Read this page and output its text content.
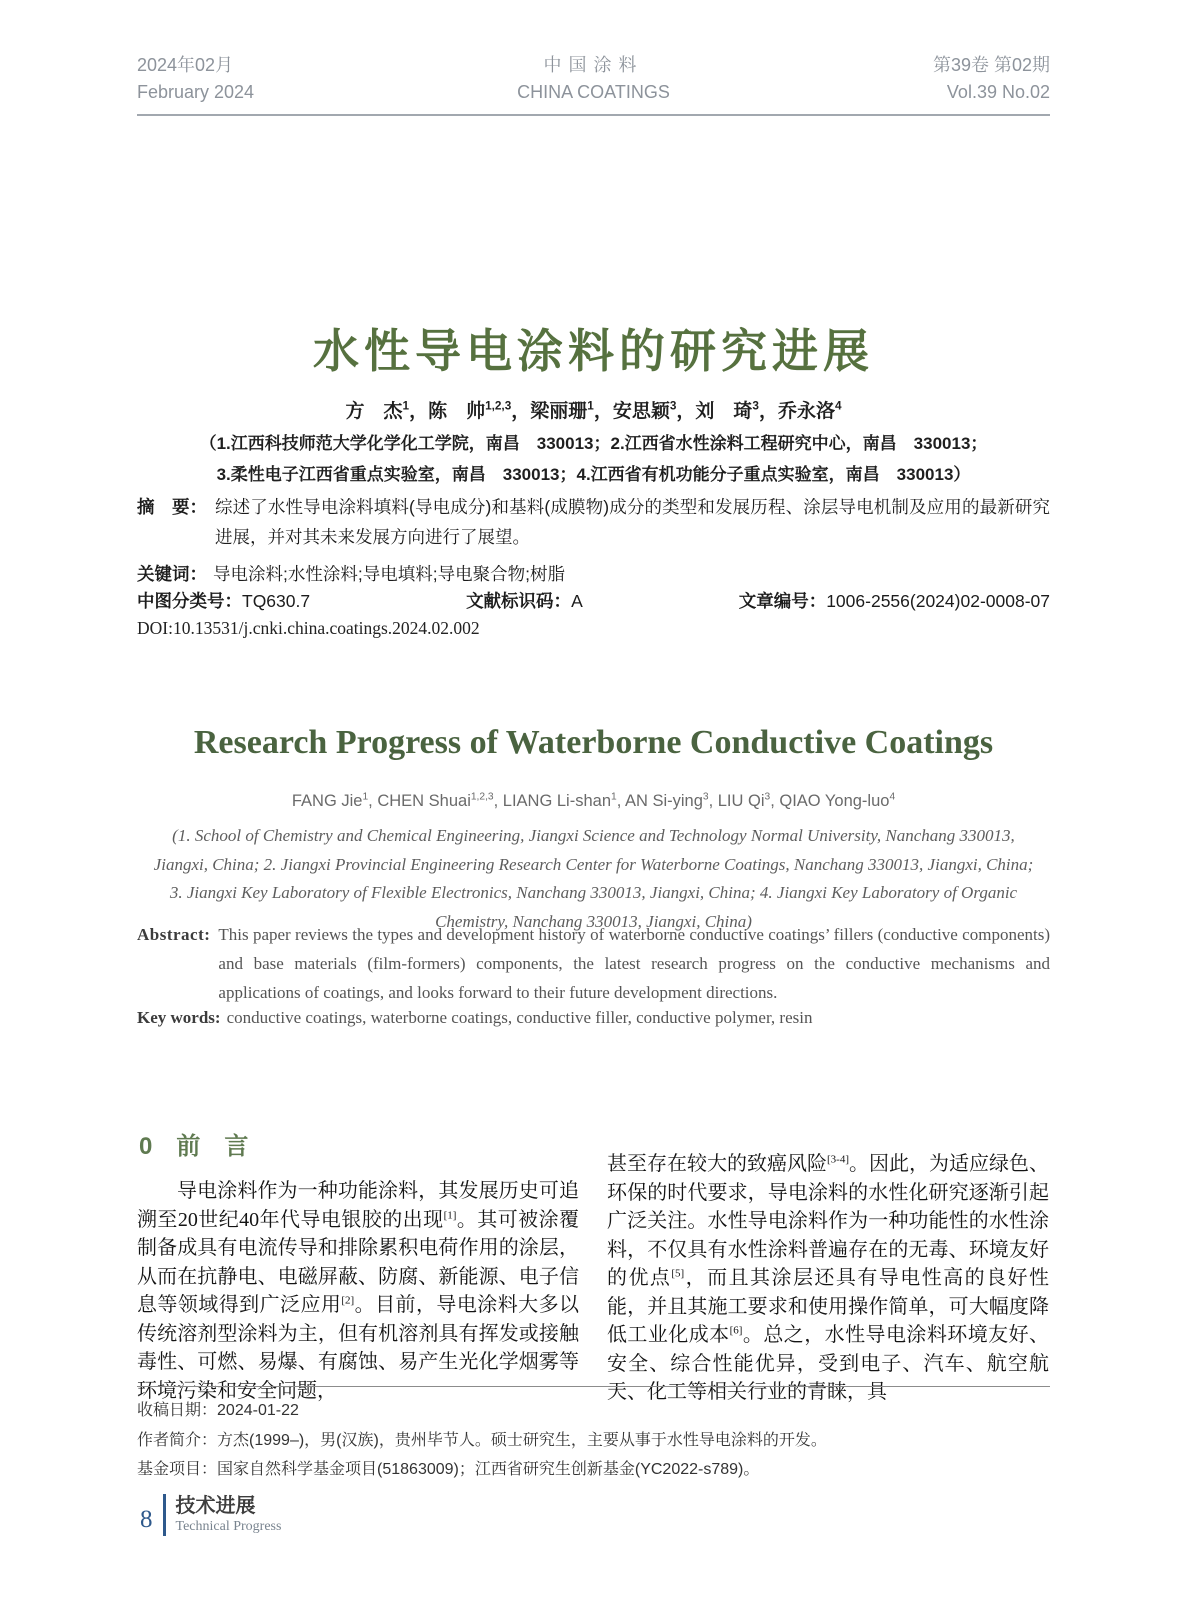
2024年02月
February 2024
中国涂料
CHINA COATINGS
第39卷 第02期
Vol.39 No.02
水性导电涂料的研究进展
方　杰$^1$，陈　帅$^{1,2,3}$，梁丽珊$^1$，安思颖$^3$，刘　琦$^3$，乔永洛$^4$
（1.江西科技师范大学化学化工学院，南昌　330013；2.江西省水性涂料工程研究中心，南昌　330013；
3.柔性电子江西省重点实验室，南昌　330013；4.江西省有机功能分子重点实验室，南昌　330013）
摘　要： 综述了水性导电涂料填料(导电成分)和基料(成膜物)成分的类型和发展历程、涂层导电机制及应用的最新研究进展，并对其未来发展方向进行了展望。
关键词： 导电涂料;水性涂料;导电填料;导电聚合物;树脂
中图分类号：TQ630.7	文献标识码：A	文章编号：1006-2556(2024)02-0008-07
DOI:10.13531/j.cnki.china.coatings.2024.02.002
Research Progress of Waterborne Conductive Coatings
FANG Jie$^1$, CHEN Shuai$^{1,2,3}$, LIANG Li-shan$^1$, AN Si-ying$^3$, LIU Qi$^3$, QIAO Yong-luo$^4$
(1. School of Chemistry and Chemical Engineering, Jiangxi Science and Technology Normal University, Nanchang 330013,
Jiangxi, China; 2. Jiangxi Provincial Engineering Research Center for Waterborne Coatings, Nanchang 330013, Jiangxi, China;
3. Jiangxi Key Laboratory of Flexible Electronics, Nanchang 330013, Jiangxi, China; 4. Jiangxi Key Laboratory of Organic
Chemistry, Nanchang 330013, Jiangxi, China)
Abstract: This paper reviews the types and development history of waterborne conductive coatings’ fillers (conductive components) and base materials (film-formers) components, the latest research progress on the conductive mechanisms and applications of coatings, and looks forward to their future development directions.
Key words: conductive coatings, waterborne coatings, conductive filler, conductive polymer, resin
0　前　言

导电涂料作为一种功能涂料，其发展历史可追溯至20世纪40年代导电银胶的出现[1]。其可被涂覆制备成具有电流传导和排除累积电荷作用的涂层，从而在抗静电、电磁屏蔽、防腐、新能源、电子信息等领域得到广泛应用[2]。目前，导电涂料大多以传统溶剂型涂料为主，但有机溶剂具有挥发或接触毒性、可燃、易爆、有腐蚀、易产生光化学烟雾等环境污染和安全问题，

甚至存在较大的致癌风险[3-4]。因此，为适应绿色、环保的时代要求，导电涂料的水性化研究逐渐引起广泛关注。水性导电涂料作为一种功能性的水性涂料，不仅具有水性涂料普遍存在的无毒、环境友好的优点[5]，而且其涂层还具有导电性高的良好性能，并且其施工要求和使用操作简单，可大幅度降低工业化成本[6]。总之，水性导电涂料环境友好、安全、综合性能优异，受到电子、汽车、航空航天、化工等相关行业的青睐，具

收稿日期：2024-01-22
作者简介：方杰(1999–)，男(汉族)，贵州毕节人。硕士研究生，主要从事于水性导电涂料的开发。
基金项目：国家自然科学基金项目(51863009)；江西省研究生创新基金(YC2022-s789)。
8
技术进展
Technical Progress
